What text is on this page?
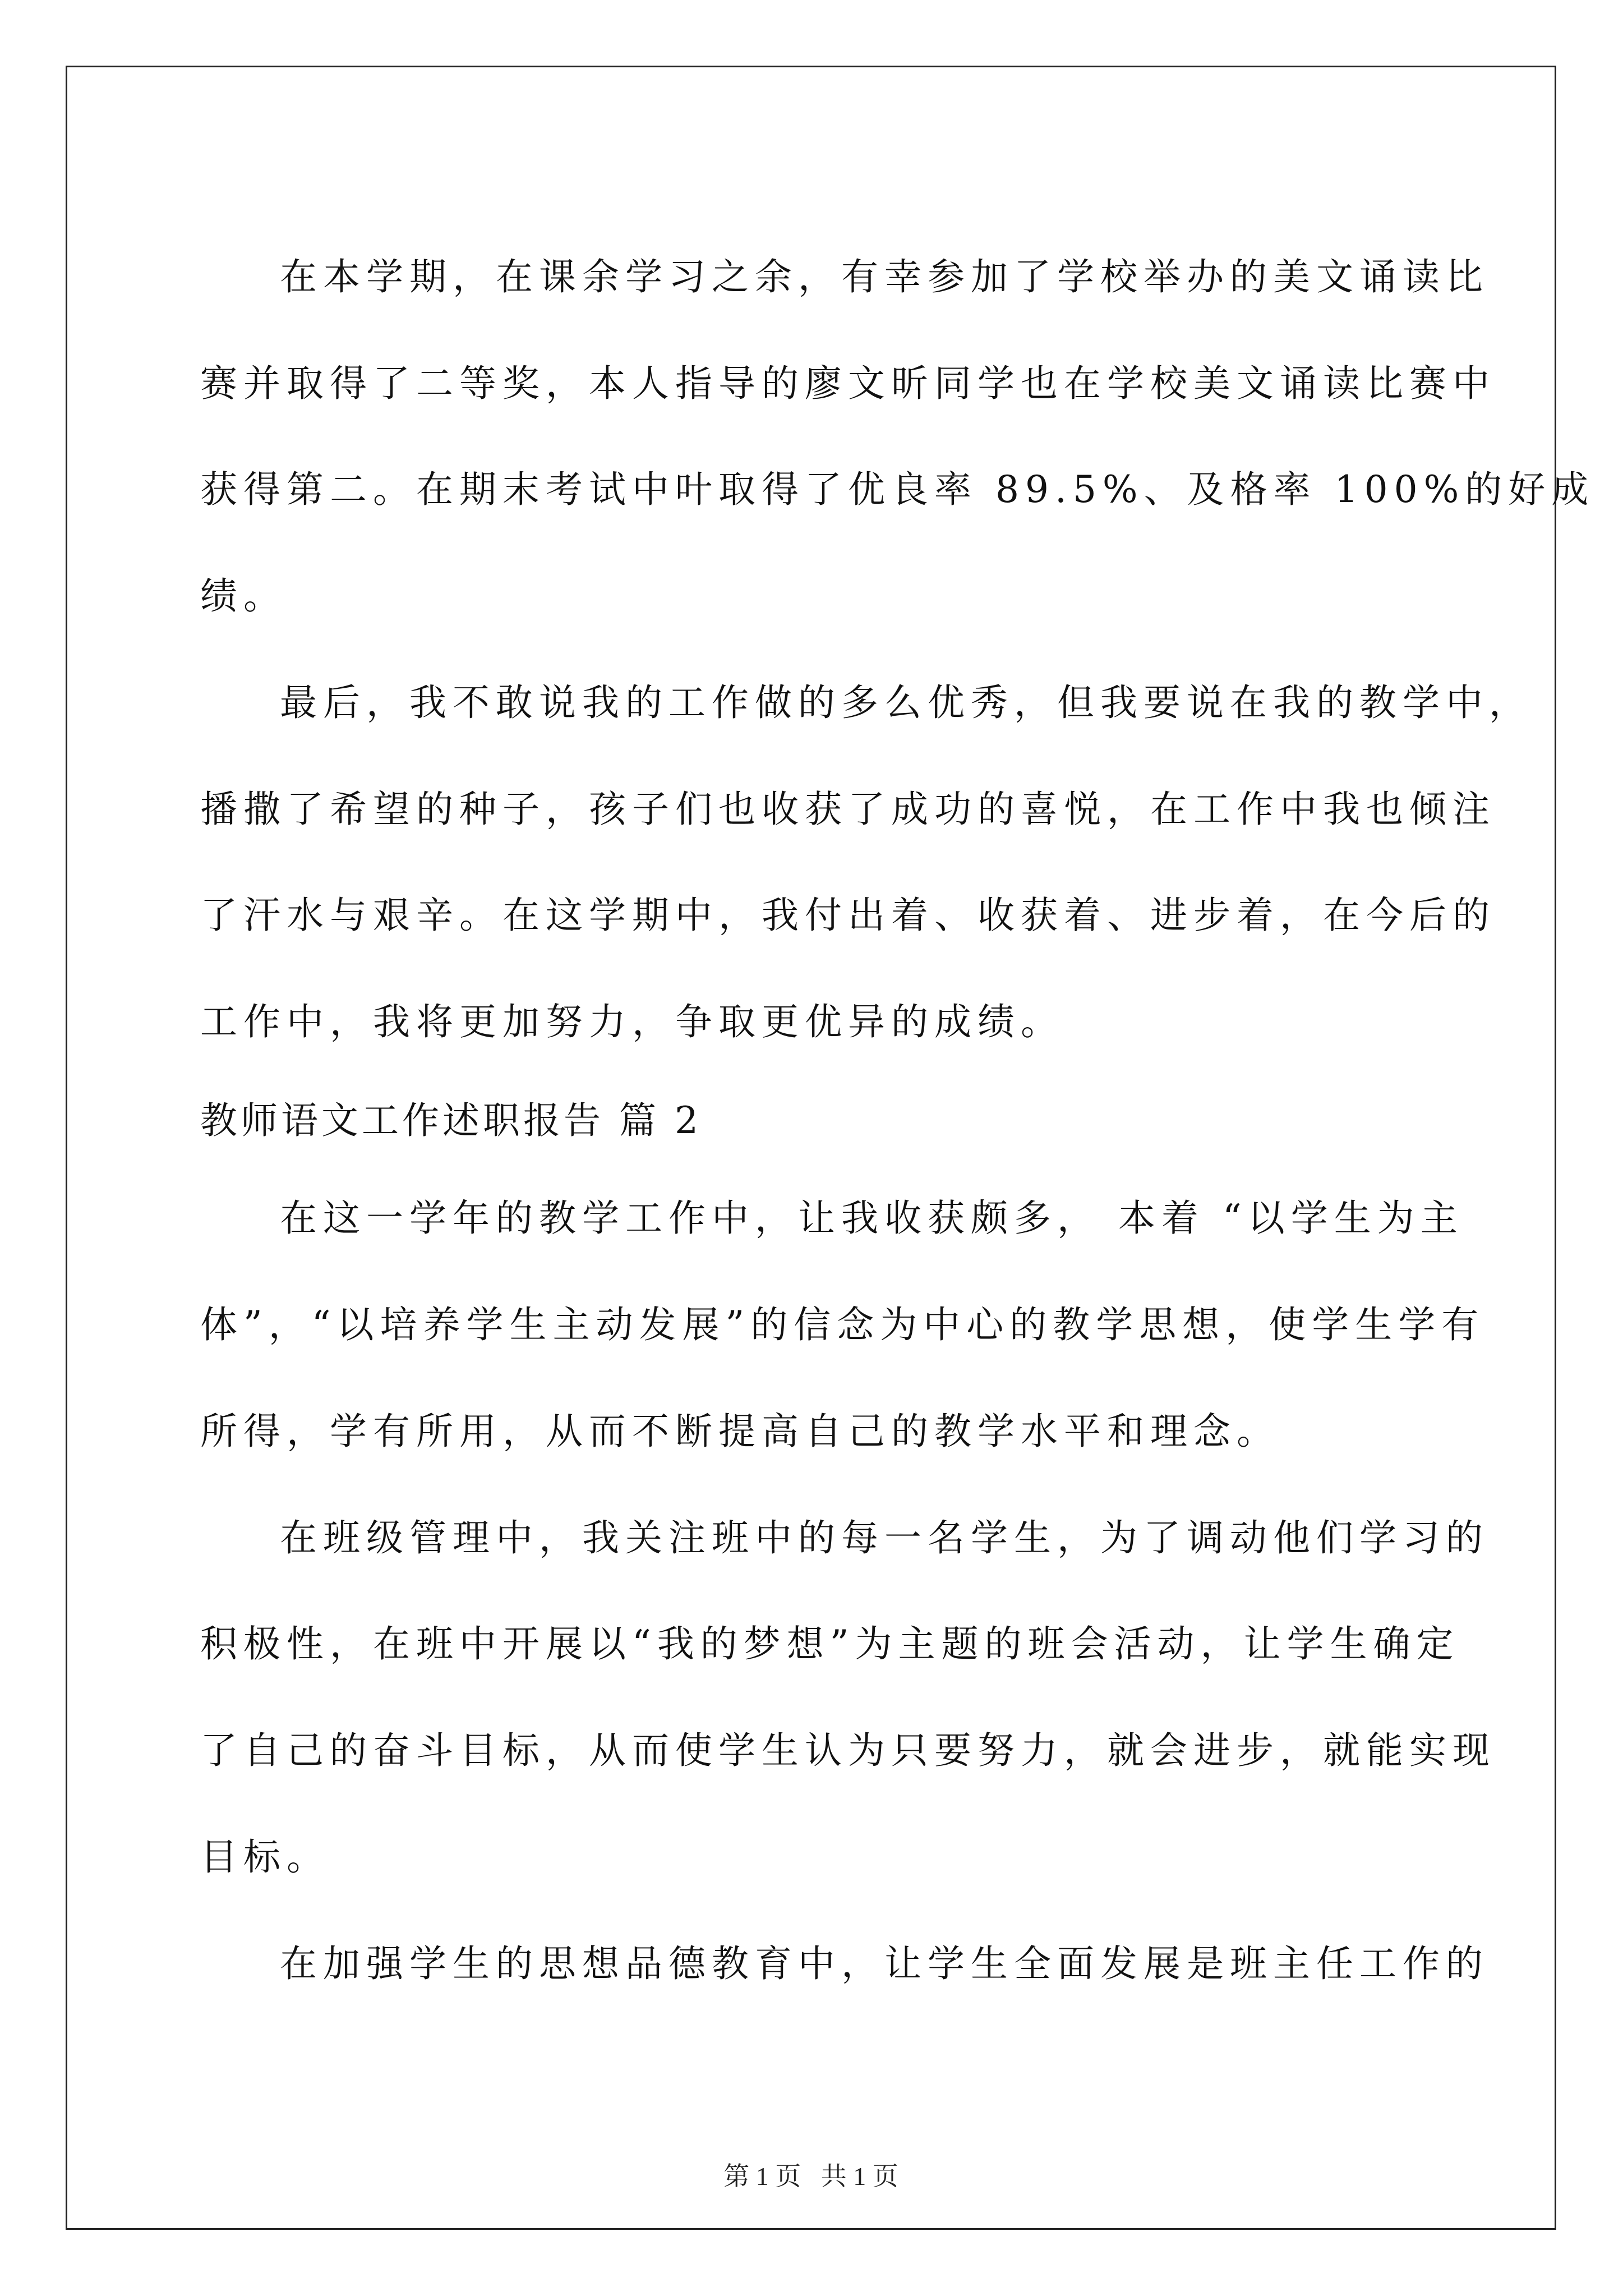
在本学期，在课余学习之余，有幸参加了学校举办的美文诵读比
赛并取得了二等奖，本人指导的廖文昕同学也在学校美文诵读比赛中
获得第二。在期末考试中叶取得了优良率 89.5%、及格率 100%的好成
绩。
最后，我不敢说我的工作做的多么优秀，但我要说在我的教学中，
播撒了希望的种子，孩子们也收获了成功的喜悦，在工作中我也倾注
了汗水与艰辛。在这学期中，我付出着、收获着、进步着，在今后的
工作中，我将更加努力，争取更优异的成绩。
教师语文工作述职报告 篇 2
在这一学年的教学工作中，让我收获颇多， 本着 “以学生为主
体”，“以培养学生主动发展”的信念为中心的教学思想，使学生学有
所得，学有所用，从而不断提高自己的教学水平和理念。
在班级管理中，我关注班中的每一名学生，为了调动他们学习的
积极性，在班中开展以“我的梦想”为主题的班会活动，让学生确定
了自己的奋斗目标，从而使学生认为只要努力，就会进步，就能实现
目标。
在加强学生的思想品德教育中，让学生全面发展是班主任工作的
第 1 页 共 1 页
